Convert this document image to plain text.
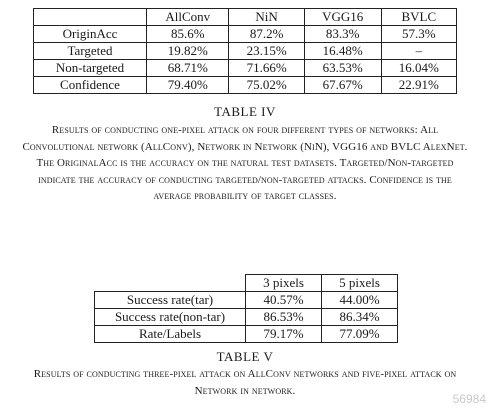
	AllConv	NiN	VGG16	BVLC
OriginAcc	85.6%	87.2%	83.3%	57.3%
Targeted	19.82%	23.15%	16.48%	–
Non-targeted	68.71%	71.66%	63.53%	16.04%
Confidence	79.40%	75.02%	67.67%	22.91%
TABLE IV
Results of conducting one-pixel attack on four different types of networks: All Convolutional network (AllConv), Network in Network (NiN), VGG16 and BVLC AlexNet. The OriginalAcc is the accuracy on the natural test datasets. Targeted/Non-targeted indicate the accuracy of conducting targeted/non-targeted attacks. Confidence is the average probability of target classes.
	3 pixels	5 pixels
Success rate(tar)	40.57%	44.00%
Success rate(non-tar)	86.53%	86.34%
Rate/Labels	79.17%	77.09%
TABLE V
Results of conducting three-pixel attack on AllConv networks and five-pixel attack on Network in network.
56984
